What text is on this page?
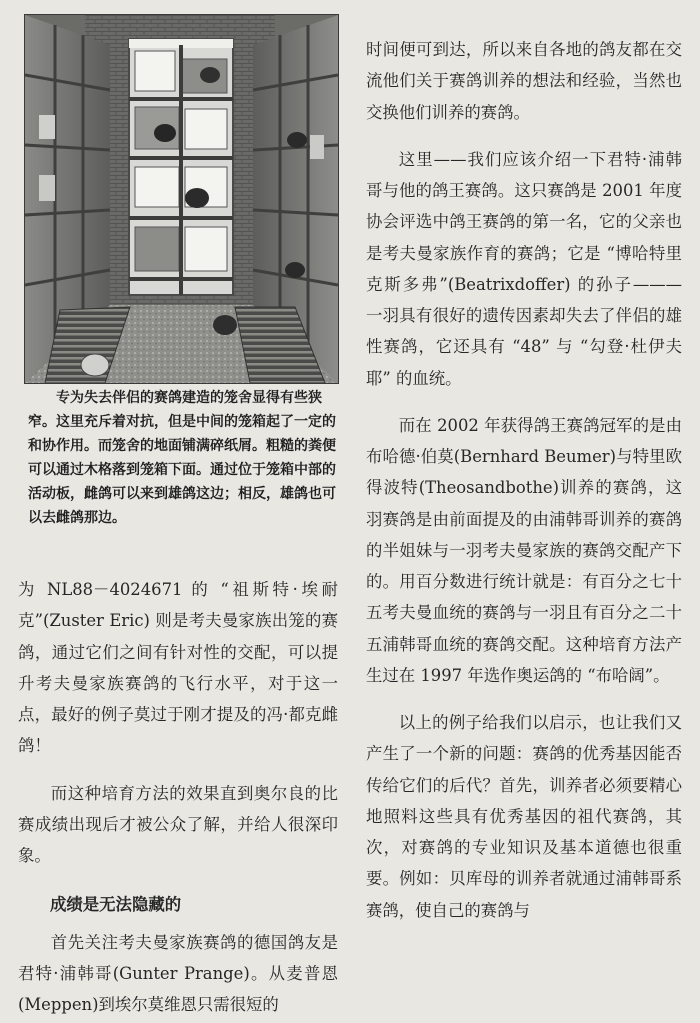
专为失去伴侣的赛鸽建造的笼舍显得有些狭窄。这里充斥着对抗，但是中间的笼箱起了一定的和协作用。而笼舍的地面铺满碎纸屑。粗糙的粪便可以通过木格落到笼箱下面。通过位于笼箱中部的活动板，雌鸽可以来到雄鸽这边；相反，雄鸽也可以去雌鸽那边。

为 NL88－4024671 的 “祖斯特·埃耐克”(Zuster Eric) 则是考夫曼家族出笼的赛鸽，通过它们之间有针对性的交配，可以提升考夫曼家族赛鸽的飞行水平，对于这一点，最好的例子莫过于刚才提及的冯·都克雌鸽！

而这种培育方法的效果直到奥尔良的比赛成绩出现后才被公众了解，并给人很深印象。

成绩是无法隐藏的

首先关注考夫曼家族赛鸽的德国鸽友是君特·浦韩哥(Gunter Prange)。从麦普恩(Meppen)到埃尔莫维恩只需很短的

时间便可到达，所以来自各地的鸽友都在交流他们关于赛鸽训养的想法和经验，当然也交换他们训养的赛鸽。

这里——我们应该介绍一下君特·浦韩哥与他的鸽王赛鸽。这只赛鸽是 2001 年度协会评选中鸽王赛鸽的第一名，它的父亲也是考夫曼家族作育的赛鸽；它是 “博哈特里克斯多弗”(Beatrixdoffer) 的孙子———一羽具有很好的遗传因素却失去了伴侣的雄性赛鸽，它还具有 “48” 与 “勾登·杜伊夫耶” 的血统。

而在 2002 年获得鸽王赛鸽冠军的是由布哈德·伯莫(Bernhard Beumer)与特里欧得波特(Theosandbothe)训养的赛鸽，这羽赛鸽是由前面提及的由浦韩哥训养的赛鸽的半姐妹与一羽考夫曼家族的赛鸽交配产下的。用百分数进行统计就是：有百分之七十五考夫曼血统的赛鸽与一羽且有百分之二十五浦韩哥血统的赛鸽交配。这种培育方法产生过在 1997 年选作奥运鸽的 “布哈阔”。

以上的例子给我们以启示，也让我们又产生了一个新的问题：赛鸽的优秀基因能否传给它们的后代？首先，训养者必须要精心地照料这些具有优秀基因的祖代赛鸽，其次，对赛鸽的专业知识及基本道德也很重要。例如：贝库母的训养者就通过浦韩哥系赛鸽，使自己的赛鸽与
